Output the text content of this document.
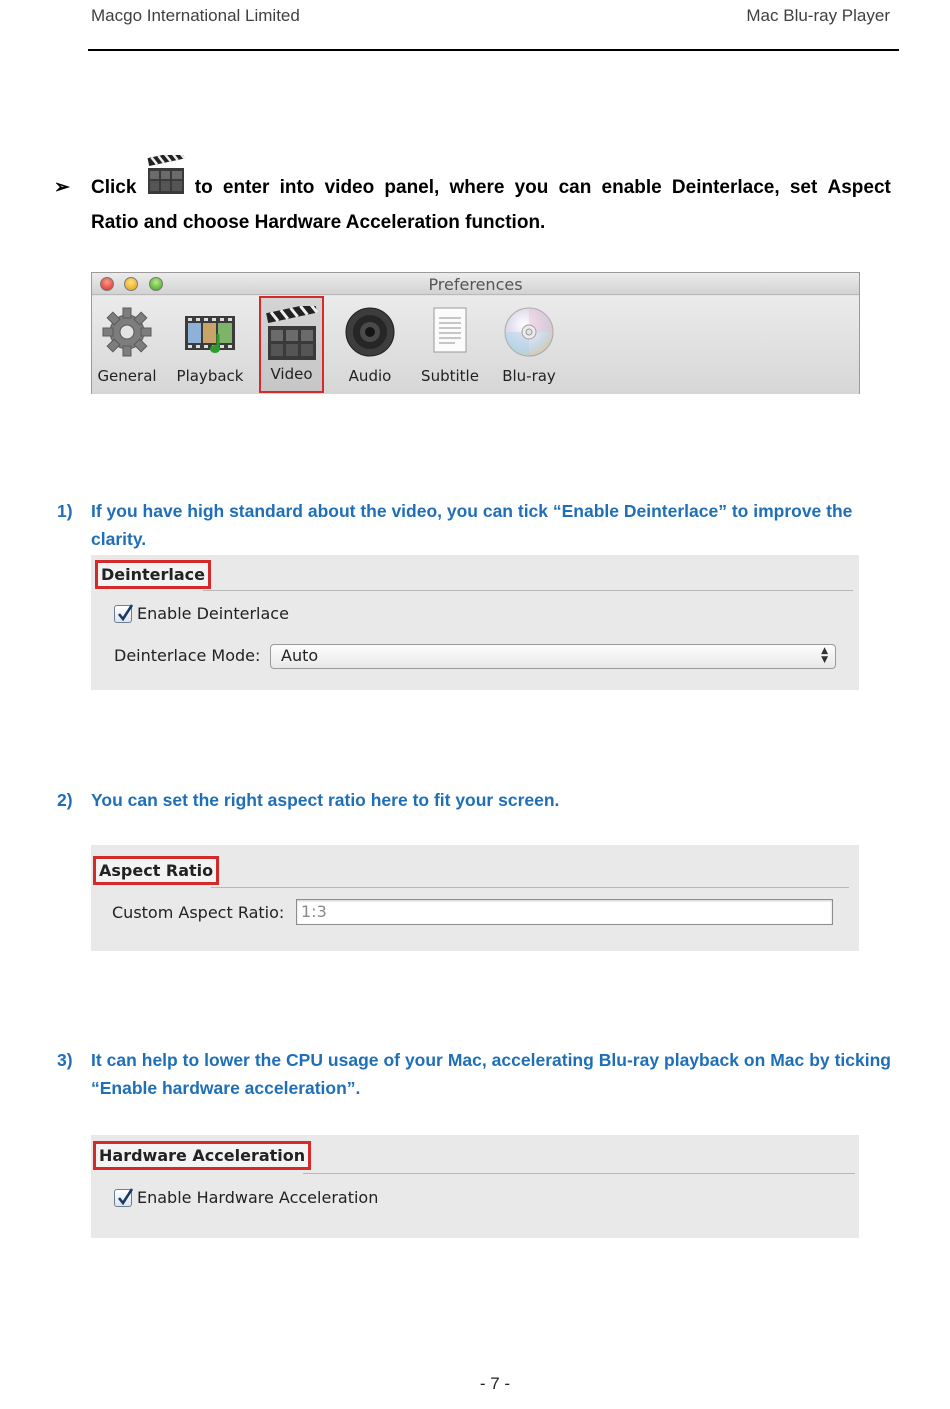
Macgo International Limited	Mac Blu-ray Player
➢ Click	to enter into video panel, where you can enable Deinterlace, set Aspect
Ratio and choose Hardware Acceleration function.
Preferences
General	Playback	Video	Audio	Subtitle	Blu-ray
1) If you have high standard about the video, you can tick “Enable Deinterlace” to improve the clarity.
Deinterlace
Enable Deinterlace
Deinterlace Mode:	Auto	▲
▼
2) You can set the right aspect ratio here to fit your screen.
Aspect Ratio
Custom Aspect Ratio:	1:3
3) It can help to lower the CPU usage of your Mac, accelerating Blu-ray playback on Mac by ticking “Enable hardware acceleration”.
Hardware Acceleration
Enable Hardware Acceleration
- 7 -
